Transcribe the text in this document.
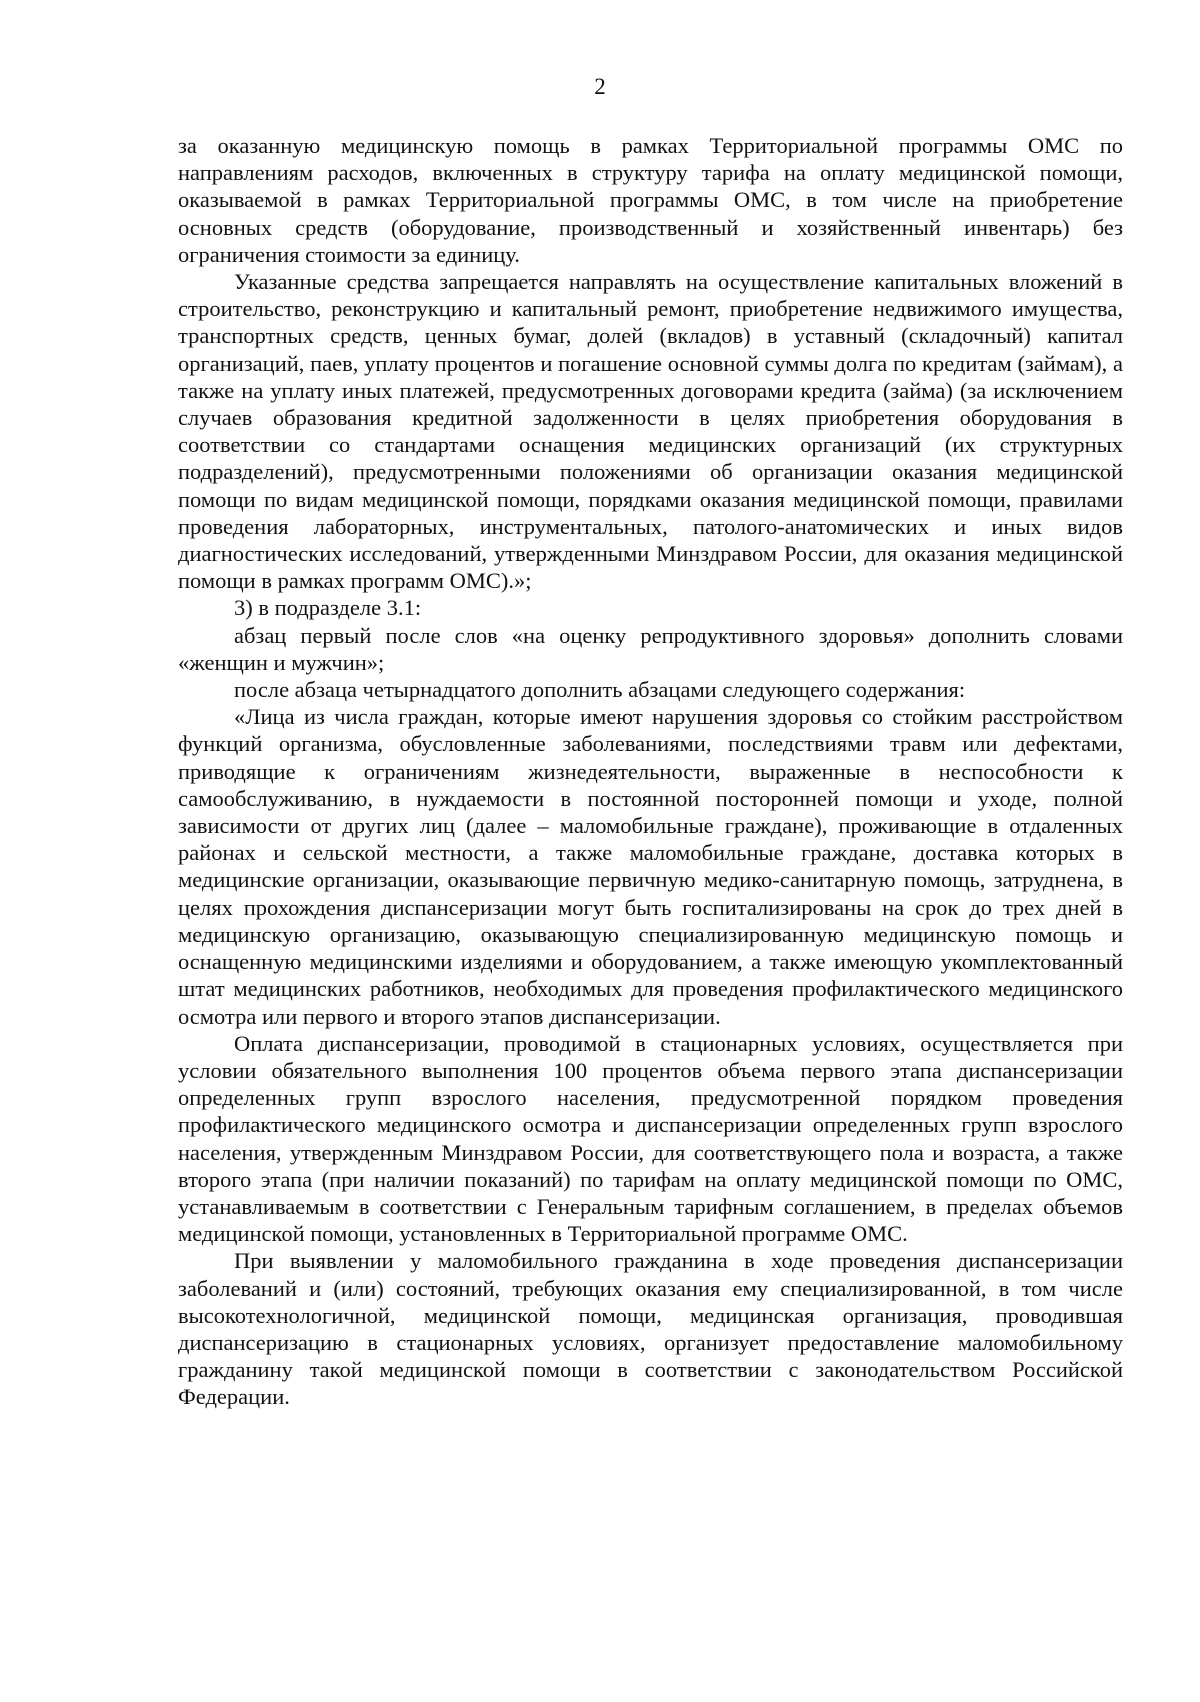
2

за оказанную медицинскую помощь в рамках Территориальной программы ОМС по направлениям расходов, включенных в структуру тарифа на оплату медицинской помощи, оказываемой в рамках Территориальной программы ОМС, в том числе на приобретение основных средств (оборудование, производственный и хозяйственный инвентарь) без ограничения стоимости за единицу.

Указанные средства запрещается направлять на осуществление капитальных вложений в строительство, реконструкцию и капитальный ремонт, приобретение недвижимого имущества, транспортных средств, ценных бумаг, долей (вкладов) в уставный (складочный) капитал организаций, паев, уплату процентов и погашение основной суммы долга по кредитам (займам), а также на уплату иных платежей, предусмотренных договорами кредита (займа) (за исключением случаев образования кредитной задолженности в целях приобретения оборудования в соответствии со стандартами оснащения медицинских организаций (их структурных подразделений), предусмотренными положениями об организации оказания медицинской помощи по видам медицинской помощи, порядками оказания медицинской помощи, правилами проведения лабораторных, инструментальных, патолого-анатомических и иных видов диагностических исследований, утвержденными Минздравом России, для оказания медицинской помощи в рамках программ ОМС).»;

3) в подразделе 3.1:

абзац первый после слов «на оценку репродуктивного здоровья» дополнить словами «женщин и мужчин»;

после абзаца четырнадцатого дополнить абзацами следующего содержания:

«Лица из числа граждан, которые имеют нарушения здоровья со стойким расстройством функций организма, обусловленные заболеваниями, последствиями травм или дефектами, приводящие к ограничениям жизнедеятельности, выраженные в неспособности к самообслуживанию, в нуждаемости в постоянной посторонней помощи и уходе, полной зависимости от других лиц (далее – маломобильные граждане), проживающие в отдаленных районах и сельской местности, а также маломобильные граждане, доставка которых в медицинские организации, оказывающие первичную медико-санитарную помощь, затруднена, в целях прохождения диспансеризации могут быть госпитализированы на срок до трех дней в медицинскую организацию, оказывающую специализированную медицинскую помощь и оснащенную медицинскими изделиями и оборудованием, а также имеющую укомплектованный штат медицинских работников, необходимых для проведения профилактического медицинского осмотра или первого и второго этапов диспансеризации.

Оплата диспансеризации, проводимой в стационарных условиях, осуществляется при условии обязательного выполнения 100 процентов объема первого этапа диспансеризации определенных групп взрослого населения, предусмотренной порядком проведения профилактического медицинского осмотра и диспансеризации определенных групп взрослого населения, утвержденным Минздравом России, для соответствующего пола и возраста, а также второго этапа (при наличии показаний) по тарифам на оплату медицинской помощи по ОМС, устанавливаемым в соответствии с Генеральным тарифным соглашением, в пределах объемов медицинской помощи, установленных в Территориальной программе ОМС.

При выявлении у маломобильного гражданина в ходе проведения диспансеризации заболеваний и (или) состояний, требующих оказания ему специализированной, в том числе высокотехнологичной, медицинской помощи, медицинская организация, проводившая диспансеризацию в стационарных условиях, организует предоставление маломобильному гражданину такой медицинской помощи в соответствии с законодательством Российской Федерации.
